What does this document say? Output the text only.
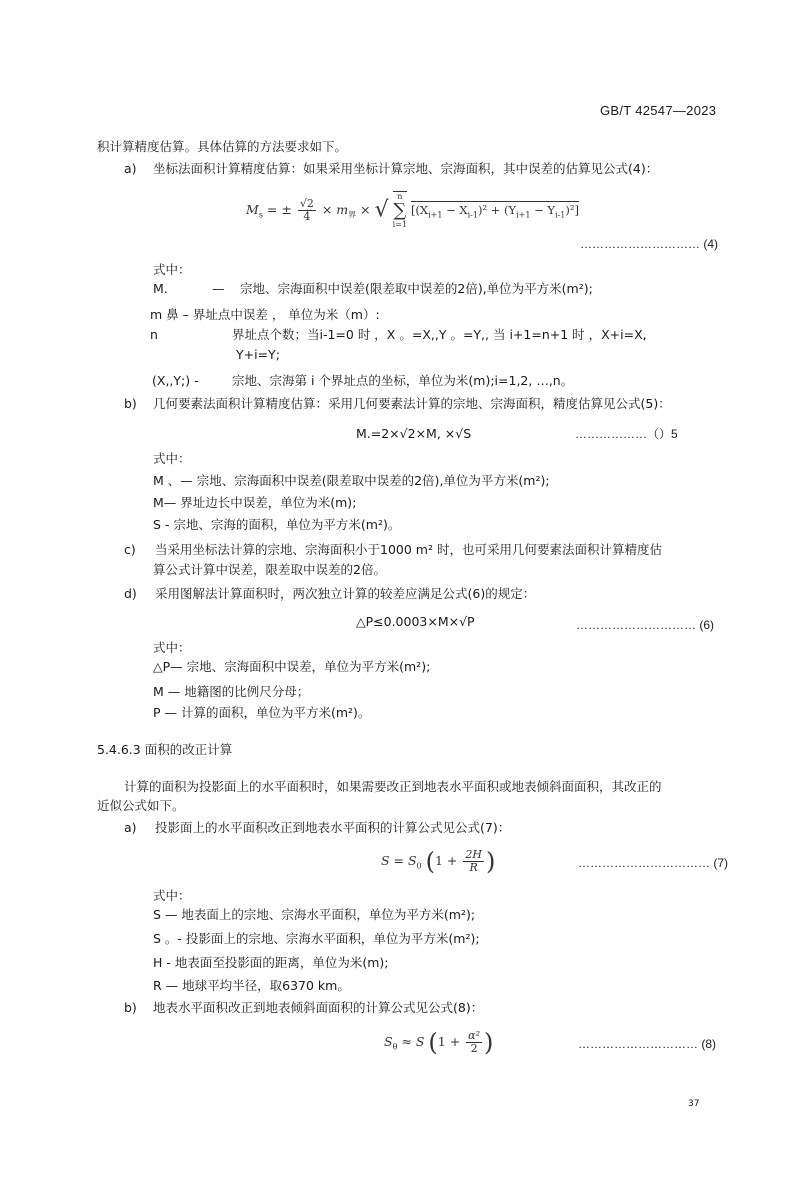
GB/T 42547—2023
积计算精度估算。具体估算的方法要求如下。
a) 坐标法面积计算精度估算：如果采用坐标计算宗地、宗海面积，其中误差的估算见公式(4)：
$M_s$ = ± $\frac{√2}{4} \times m_界$ × √
n
∑
i=1
$[(X_{i+1} - X_{i-1})^2 + (Y_{i+1} - Y_{i-1})^2]$
………………………… (4)
式中：
M.	— 宗地、宗海面积中误差(限差取中误差的2倍),单位为平方米(m²);
m 鼻 – 界址点中误差 ， 单位为米（m）:
n	界址点个数；当i-1=0 时 ，X 。=X,,Y 。=Y,, 当 i+1=n+1 时 ，X+i=X,
Y+i=Y;
(X,,Y;) -	宗地、宗海第 i 个界址点的坐标，单位为米(m);i=1,2, …,n。
b) 几何要素法面积计算精度估算：采用几何要素法计算的宗地、宗海面积，精度估算见公式(5)：
M.=2×√2×M, ×√S	………………（）5
式中：
M 、— 宗地、宗海面积中误差(限差取中误差的2倍),单位为平方米(m²);
M— 界址边长中误差，单位为米(m);
S - 宗地、宗海的面积，单位为平方米(m²)。
c) 当采用坐标法计算的宗地、宗海面积小于1000 m² 时，也可采用几何要素法面积计算精度估
算公式计算中误差，限差取中误差的2倍。
d) 采用图解法计算面积时，两次独立计算的较差应满足公式(6)的规定：
△P≤0.0003×M×√P	………………………… (6)
式中：
△P— 宗地、宗海面积中误差，单位为平方米(m²);
M — 地籍图的比例尺分母；
P — 计算的面积，单位为平方米(m²)。
5.4.6.3 面积的改正计算
计算的面积为投影面上的水平面积时，如果需要改正到地表水平面积或地表倾斜面面积，其改正的
近似公式如下。
a) 投影面上的水平面积改正到地表水平面积的计算公式见公式(7)：
$S = S_0$ ($1 + \frac{2H}{R}$ )	…………………………… (7)
式中：
S — 地表面上的宗地、宗海水平面积，单位为平方米(m²);
S 。- 投影面上的宗地、宗海水平面积，单位为平方米(m²);
H - 地表面至投影面的距离，单位为米(m);
R — 地球平均半径，取6370 km。
b) 地表水平面积改正到地表倾斜面面积的计算公式见公式(8)：
$S_\theta \approx S$ ($1 + \frac{\text{α²}}{2}$ )	………………………… (8)
37
